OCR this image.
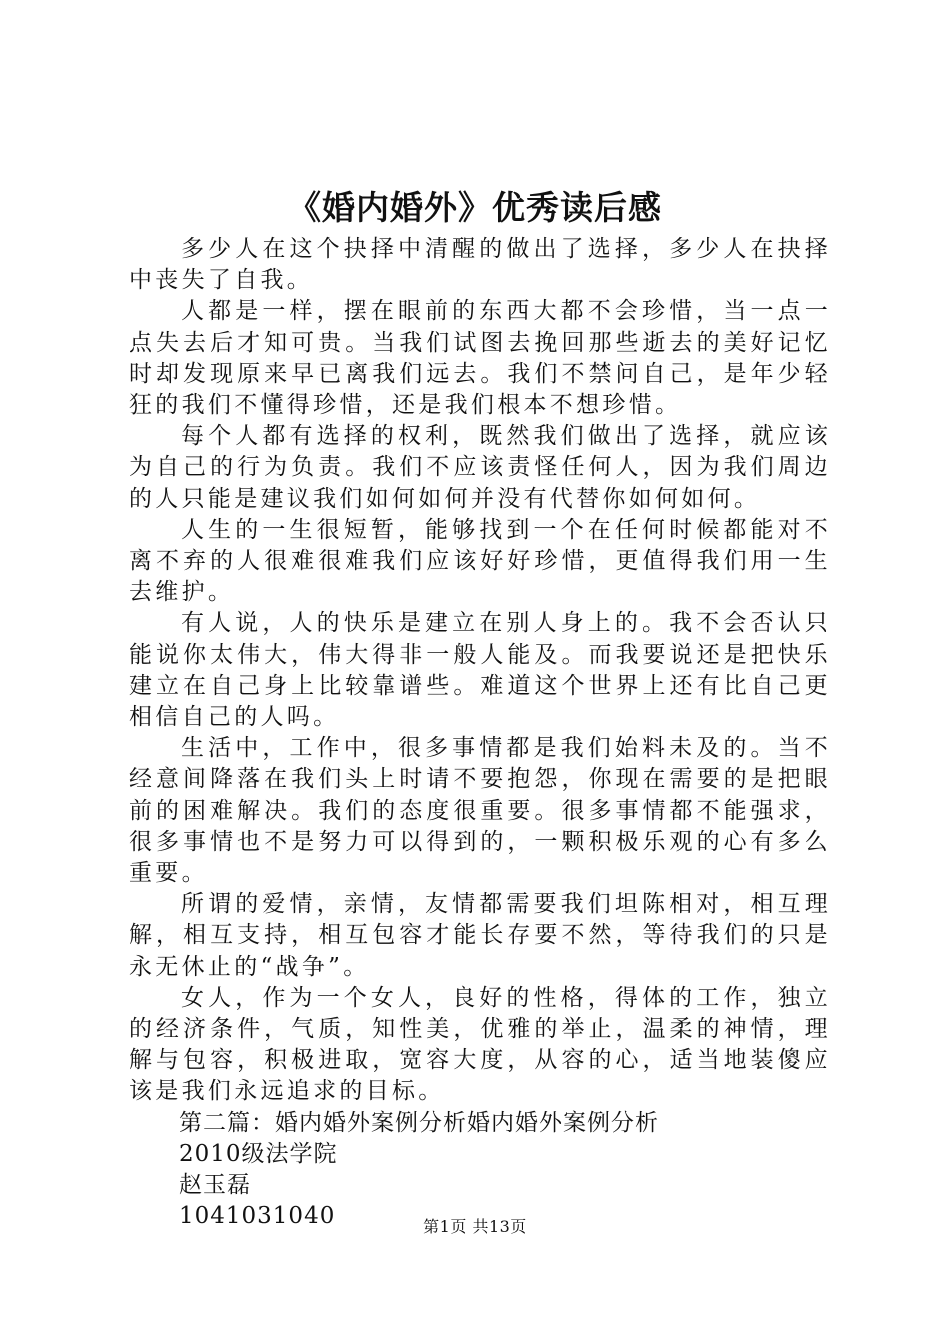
《婚内婚外》优秀读后感

多少人在这个抉择中清醒的做出了选择，多少人在抉择中丧失了自我。

人都是一样，摆在眼前的东西大都不会珍惜，当一点一点失去后才知可贵。当我们试图去挽回那些逝去的美好记忆时却发现原来早已离我们远去。我们不禁问自己，是年少轻狂的我们不懂得珍惜，还是我们根本不想珍惜。

每个人都有选择的权利，既然我们做出了选择，就应该为自己的行为负责。我们不应该责怪任何人，因为我们周边的人只能是建议我们如何如何并没有代替你如何如何。

人生的一生很短暂，能够找到一个在任何时候都能对不离不弃的人很难很难我们应该好好珍惜，更值得我们用一生去维护。

有人说，人的快乐是建立在别人身上的。我不会否认只能说你太伟大，伟大得非一般人能及。而我要说还是把快乐建立在自己身上比较靠谱些。难道这个世界上还有比自己更相信自己的人吗。

生活中，工作中，很多事情都是我们始料未及的。当不经意间降落在我们头上时请不要抱怨，你现在需要的是把眼前的困难解决。我们的态度很重要。很多事情都不能强求，很多事情也不是努力可以得到的，一颗积极乐观的心有多么重要。

所谓的爱情，亲情，友情都需要我们坦陈相对，相互理解，相互支持，相互包容才能长存要不然，等待我们的只是永无休止的“战争”。

女人，作为一个女人，良好的性格，得体的工作，独立的经济条件，气质，知性美，优雅的举止，温柔的神情，理解与包容，积极进取，宽容大度，从容的心，适当地装傻应该是我们永远追求的目标。

第二篇：婚内婚外案例分析婚内婚外案例分析

2010级法学院

赵玉磊

1041031040	第1页 共13页
